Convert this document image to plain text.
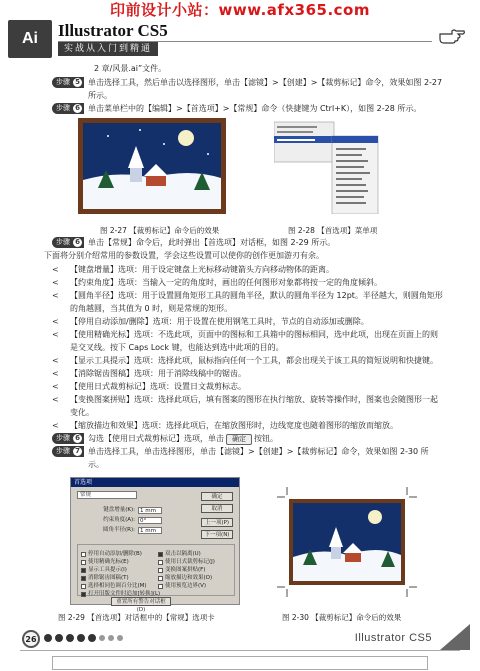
印前设计小站：www.afx365.com
Ai	Illustrator CS5
实战从入门到精通
2 章/风景.ai”文件。
步骤 5 单击选择工具，然后单击以选择图形，单击【滤镜】>【创建】>【裁剪标记】命令，效果如图 2-27 所示。
步骤 6 单击菜单栏中的【编辑】>【首选项】>【常规】命令（快捷键为 Ctrl+K），如图 2-28 所示。
图 2-27 【裁剪标记】命令后的效果	图 2-28 【首选项】菜单项
步骤 6 单击【常规】命令后，此时弹出【首选项】对话框，如图 2-29 所示。
下面将分别介绍常用的参数设置，学会这些设置可以使你的创作更加游刃有余。
<	【键盘增量】选项：用于设定键盘上光标移动键箭头方向移动物体的距离。
<	【约束角度】选项：当输入一定的角度时，画出的任何图形对象都将按一定的角度倾斜。
<	【圆角半径】选项：用于设置圆角矩形工具的圆角半径，默认的圆角半径为 12pt。半径越大，则圆角矩形的角越圆，当其值为 0 时，则是常规的矩形。
<	【停用自动添加/删除】选项：用于设置在使用钢笔工具时，节点的自动添加或删除。
<	【使用精确光标】选项：不选此项，页面中的图标和工具箱中的图标相同，选中此项，出现在页面上的则是交叉线。按下 Caps Lock 键，也能达到选中此项的目的。
<	【显示工具提示】选项：选择此项，鼠标指向任何一个工具，都会出现关于该工具的简短说明和快捷键。
<	【消除锯齿图稿】选项：用于消除线稿中的锯齿。
<	【使用日式裁剪标记】选项：设置日文裁剪标志。
<	【变换图案拼贴】选项：选择此项后，填有图案的图形在执行缩放、旋转等操作时，图案也会随图形一起变化。
<	【缩放描边和效果】选项：选择此项后，在缩放图形时，边线宽度也随着图形的缩放而缩放。
步骤 6 勾选【使用日式裁剪标记】选项，单击 确定 按钮。
步骤 7 单击选择工具，单击选择图形，单击【滤镜】>【创建】>【裁剪标记】命令，效果如图 2-30 所示。
首选项
常规
键盘增量(K): 1 mm
约束角度(A): 0°
圆角半径(R): 1 mm
确定
取消
上一项(P)
下一项(N)
停用自动添加/删除(B)	双击以隔离(U)
使用精确光标(E)	使用日式裁剪标记(J)
显示工具提示(I)	变换图案拼贴(F)
消除锯齿图稿(T)	缩放描边和效果(O)
选择相同色调百分比(M)	使用预览边界(V)
打开旧版文件时追加[转换](L)
重置所有警告对话框(D)
图 2-29 【首选项】对话框中的【常规】选项卡	图 2-30 【裁剪标记】命令后的效果
26	Illustrator CS5
